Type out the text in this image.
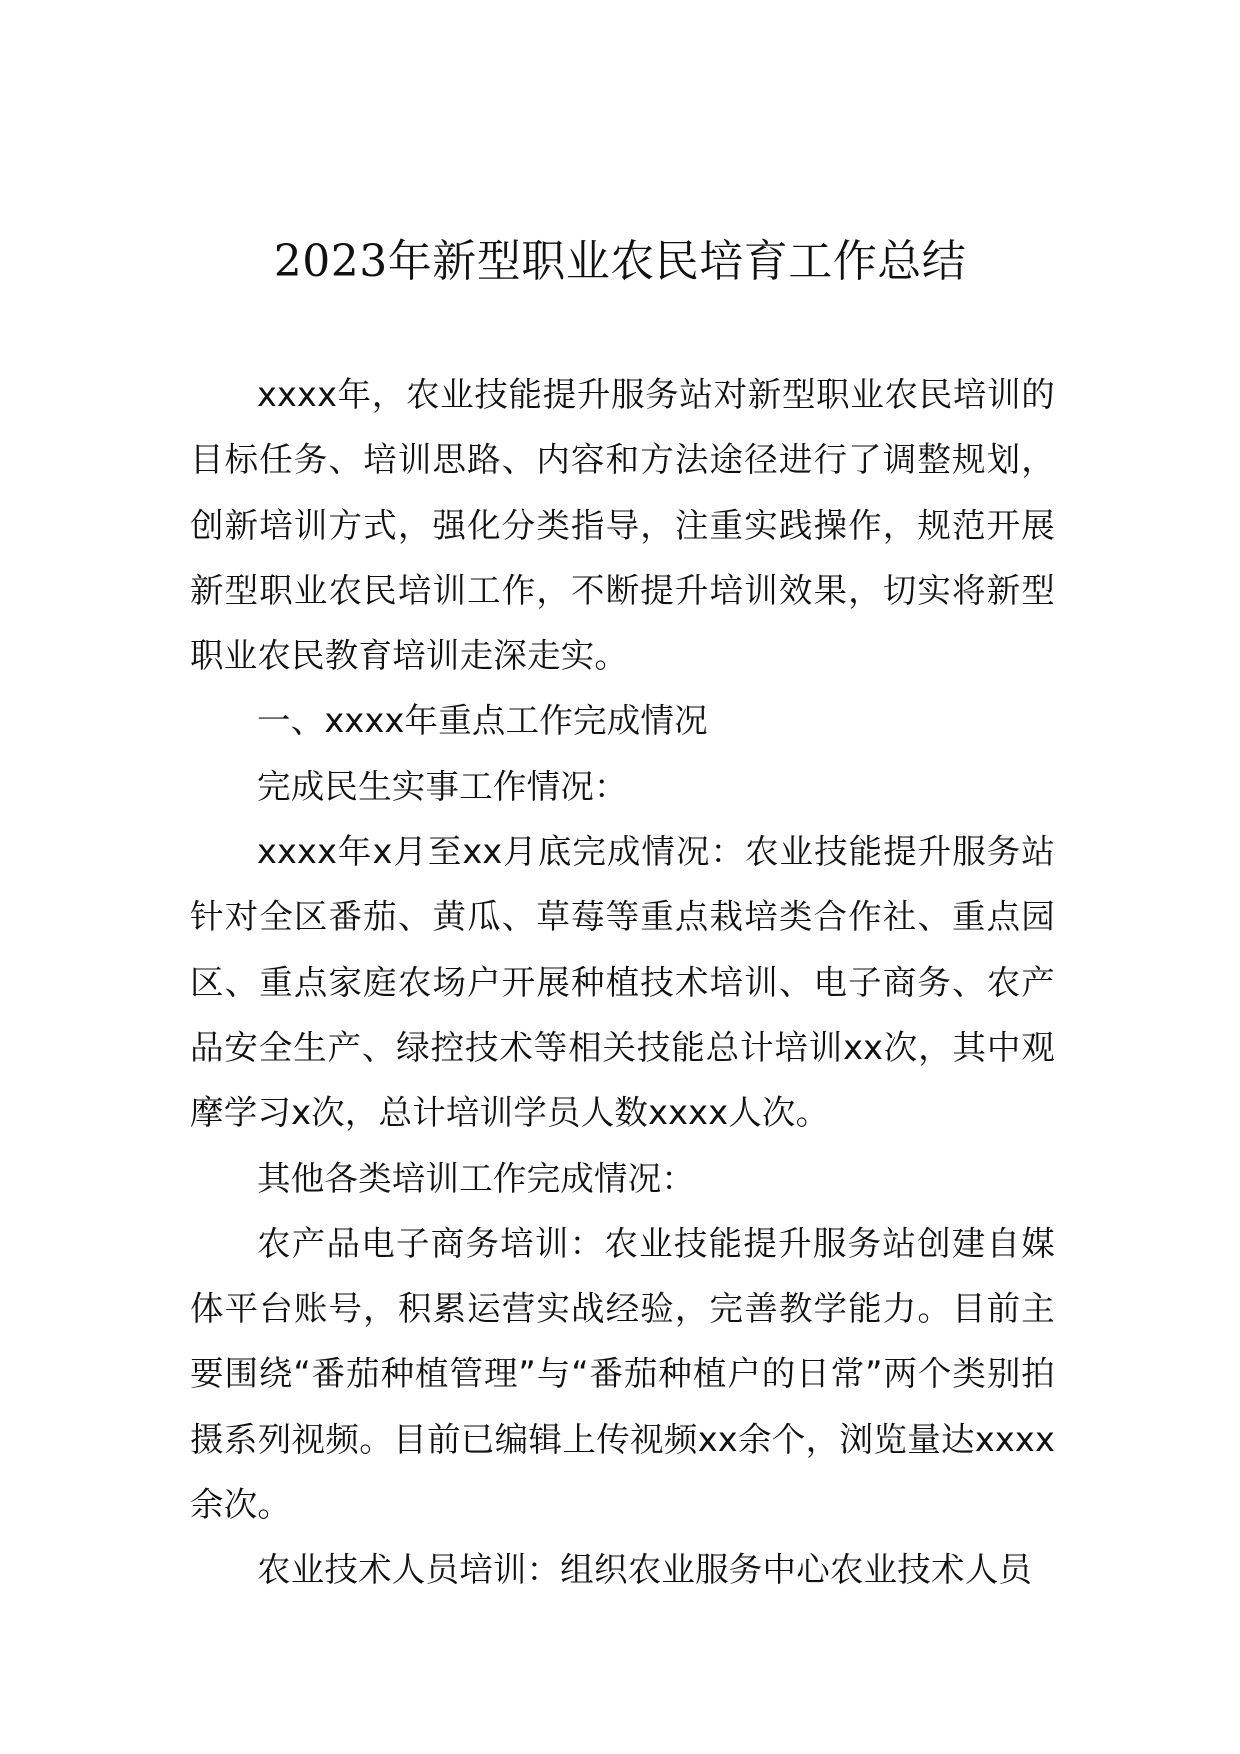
2023年新型职业农民培育工作总结

xxxx年，农业技能提升服务站对新型职业农民培训的目标任务、培训思路、内容和方法途径进行了调整规划，创新培训方式，强化分类指导，注重实践操作，规范开展新型职业农民培训工作，不断提升培训效果，切实将新型职业农民教育培训走深走实。

一、xxxx年重点工作完成情况

完成民生实事工作情况：

xxxx年x月至xx月底完成情况：农业技能提升服务站针对全区番茄、黄瓜、草莓等重点栽培类合作社、重点园区、重点家庭农场户开展种植技术培训、电子商务、农产品安全生产、绿控技术等相关技能总计培训xx次，其中观摩学习x次，总计培训学员人数xxxx人次。

其他各类培训工作完成情况：

农产品电子商务培训：农业技能提升服务站创建自媒体平台账号，积累运营实战经验，完善教学能力。目前主要围绕“番茄种植管理”与“番茄种植户的日常”两个类别拍摄系列视频。目前已编辑上传视频xx余个，浏览量达xxxx余次。

农业技术人员培训：组织农业服务中心农业技术人员
